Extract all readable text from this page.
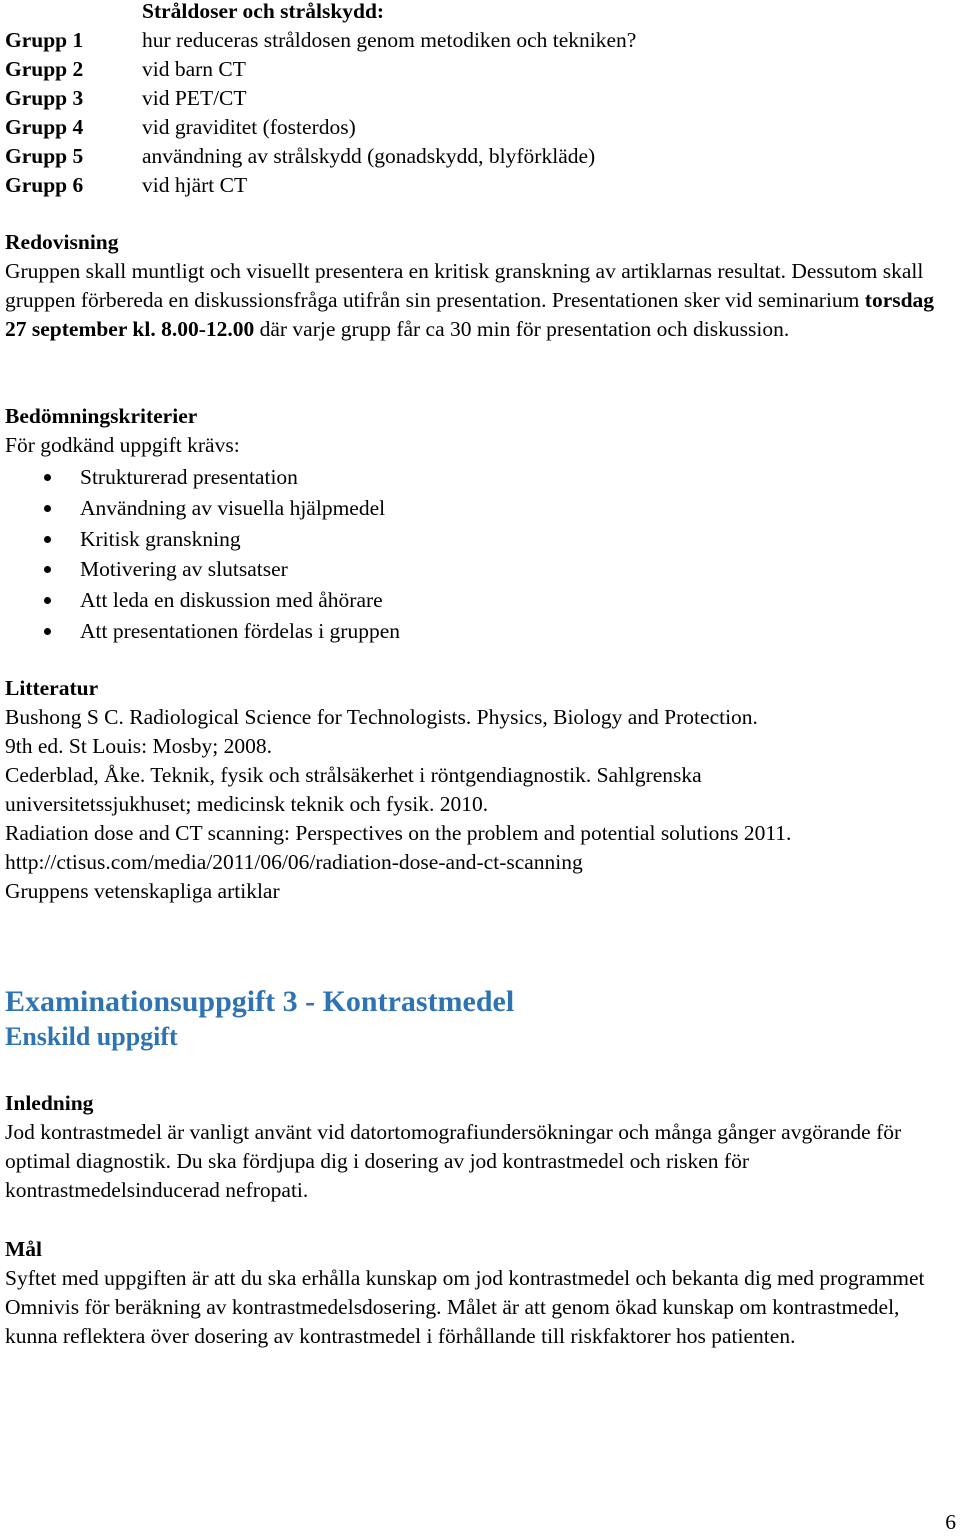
Stråldoser och strålskydd:
Grupp 1	hur reduceras stråldosen genom metodiken och tekniken?
Grupp 2	vid barn CT
Grupp 3	vid PET/CT
Grupp 4	vid graviditet (fosterdos)
Grupp 5	användning av strålskydd (gonadskydd, blyförkläde)
Grupp 6	vid hjärt CT

Redovisning

Gruppen skall muntligt och visuellt presentera en kritisk granskning av artiklarnas resultat. Dessutom skall gruppen förbereda en diskussionsfråga utifrån sin presentation. Presentationen sker vid seminarium torsdag 27 september kl. 8.00-12.00 där varje grupp får ca 30 min för presentation och diskussion.

Bedömningskriterier

För godkänd uppgift krävs:

Strukturerad presentation
Användning av visuella hjälpmedel
Kritisk granskning
Motivering av slutsatser
Att leda en diskussion med åhörare
Att presentationen fördelas i gruppen

Litteratur

Bushong S C. Radiological Science for Technologists. Physics, Biology and Protection.

9th ed. St Louis: Mosby; 2008.

Cederblad, Åke. Teknik, fysik och strålsäkerhet i röntgendiagnostik. Sahlgrenska

universitetssjukhuset; medicinsk teknik och fysik. 2010.

Radiation dose and CT scanning: Perspectives on the problem and potential solutions 2011.

http://ctisus.com/media/2011/06/06/radiation-dose-and-ct-scanning

Gruppens vetenskapliga artiklar

Examinationsuppgift 3 - Kontrastmedel

Enskild uppgift

Inledning

Jod kontrastmedel är vanligt använt vid datortomografiundersökningar och många gånger avgörande för optimal diagnostik. Du ska fördjupa dig i dosering av jod kontrastmedel och risken för kontrastmedelsinducerad nefropati.

Mål

Syftet med uppgiften är att du ska erhålla kunskap om jod kontrastmedel och bekanta dig med programmet Omnivis för beräkning av kontrastmedelsdosering. Målet är att genom ökad kunskap om kontrastmedel, kunna reflektera över dosering av kontrastmedel i förhållande till riskfaktorer hos patienten.

6
